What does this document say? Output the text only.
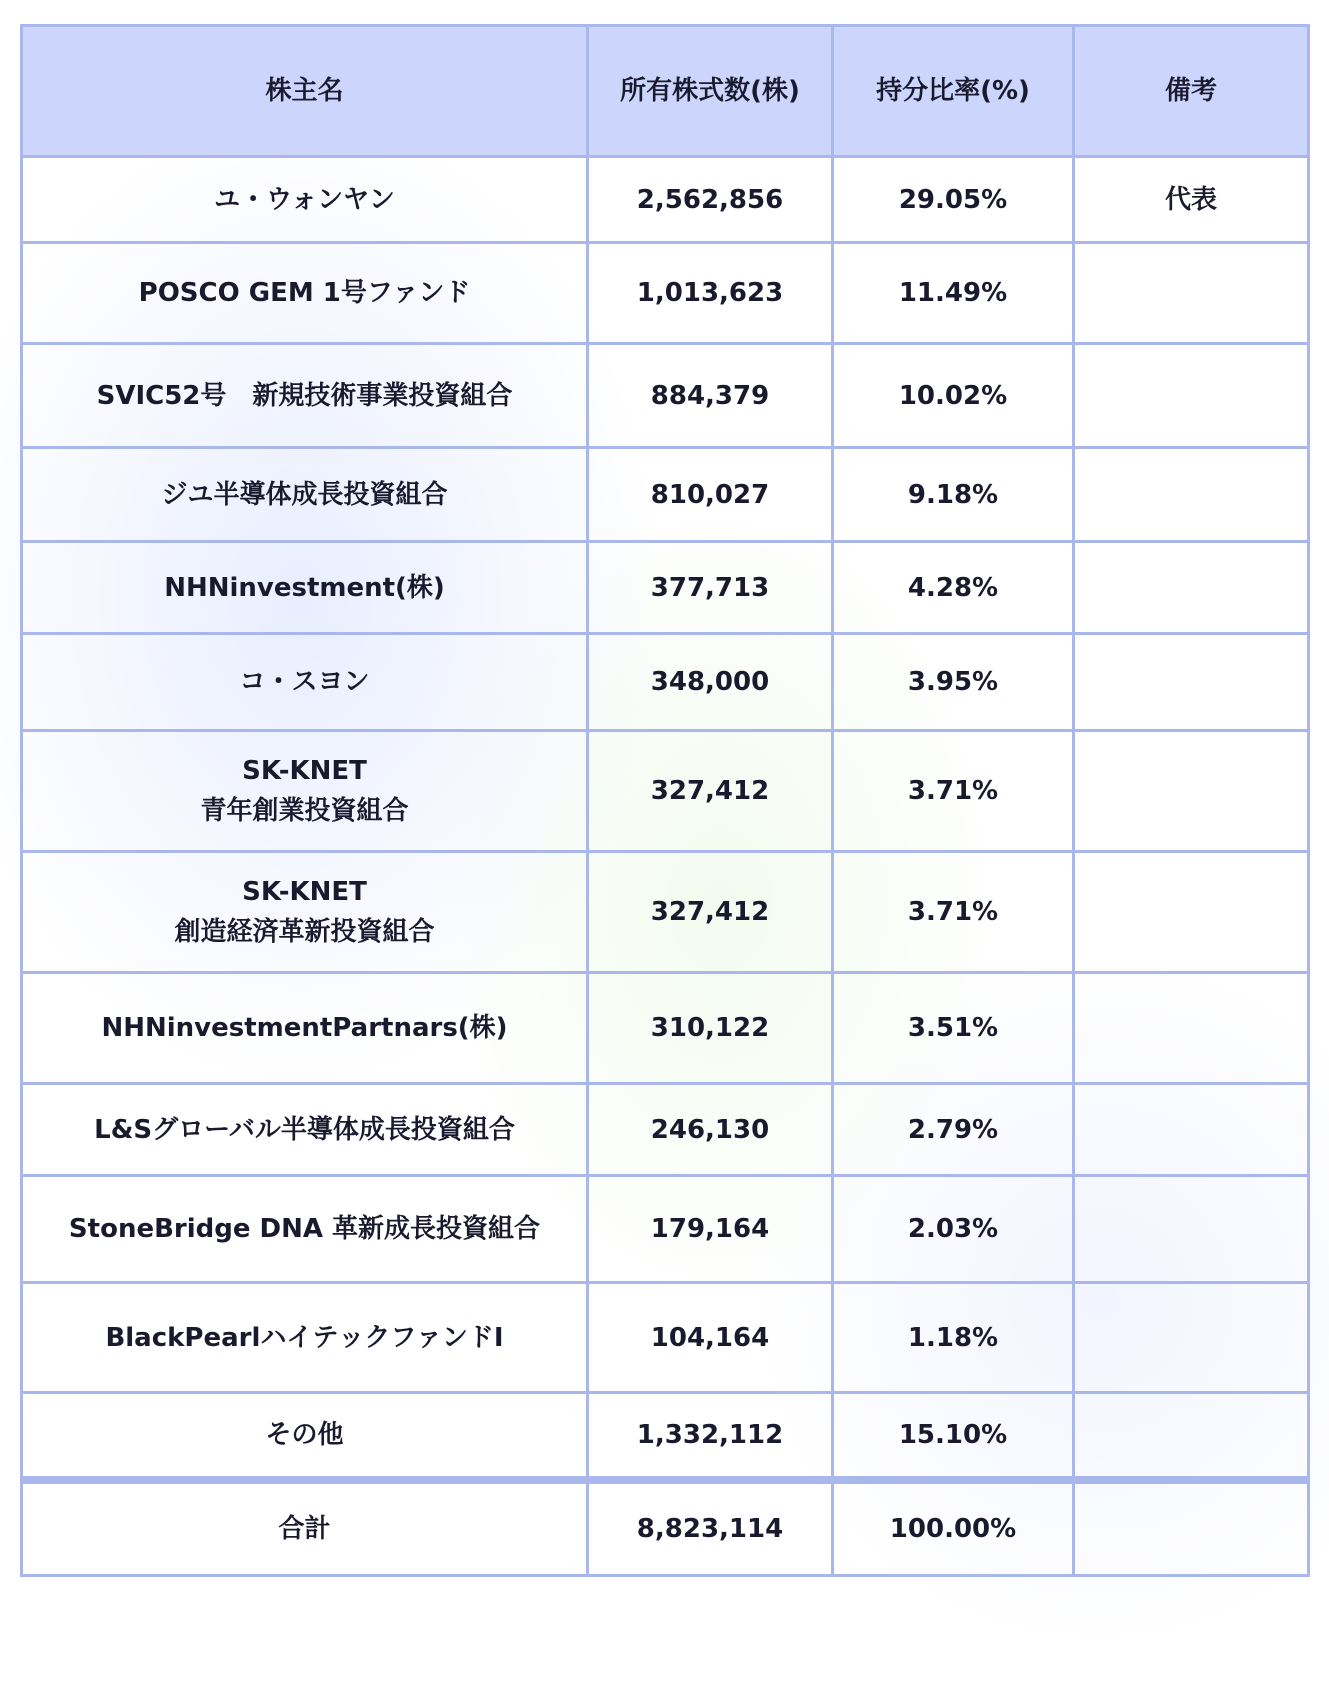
株主名	所有株式数(株)	持分比率(%)	備考
ユ・ウォンヤン	2,562,856	29.05%	代表
POSCO GEM 1号ファンド	1,013,623	11.49%	
SVIC52号　新規技術事業投資組合	884,379	10.02%	
ジユ半導体成長投資組合	810,027	9.18%	
NHNinvestment(株)	377,713	4.28%	
コ・スヨン	348,000	3.95%	

SK-KNET
青年創業投資組合	327,412	3.71%	

SK-KNET
創造経済革新投資組合	327,412	3.71%	
NHNinvestmentPartnars(株)	310,122	3.51%	
L&Sグローバル半導体成長投資組合	246,130	2.79%	
StoneBridge DNA 革新成長投資組合	179,164	2.03%	
BlackPearlハイテックファンドI	104,164	1.18%	
その他	1,332,112	15.10%	
合計	8,823,114	100.00%	
